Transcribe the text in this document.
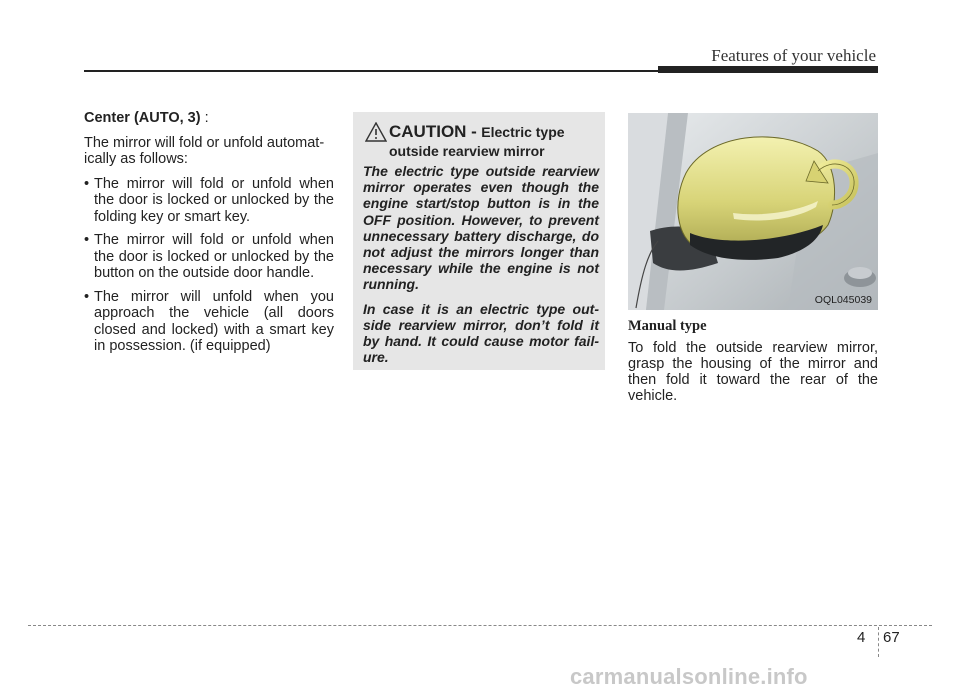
Features of your vehicle

Center (AUTO, 3) :

The mirror will fold or unfold automat-ically as follows:

• The mirror will fold or unfold when the door is locked or unlocked by the folding key or smart key.
• The mirror will fold or unfold when the door is locked or unlocked by the button on the outside door handle.
• The mirror will unfold when you approach the vehicle (all doors closed and locked) with a smart key in possession. (if equipped)
CAUTION - Electric type
outside rearview mirror

The electric type outside rearview mirror operates even though the engine start/stop button is in the OFF position. However, to prevent unnecessary battery discharge, do not adjust the mirrors longer than necessary while the engine is not running.

In case it is an electric type out-side rearview mirror, don’t fold it by hand. It could cause motor fail-ure.

OQL045039
Manual type

To fold the outside rearview mirror, grasp the housing of the mirror and then fold it toward the rear of the vehicle.

4 67
carmanualsonline.info
